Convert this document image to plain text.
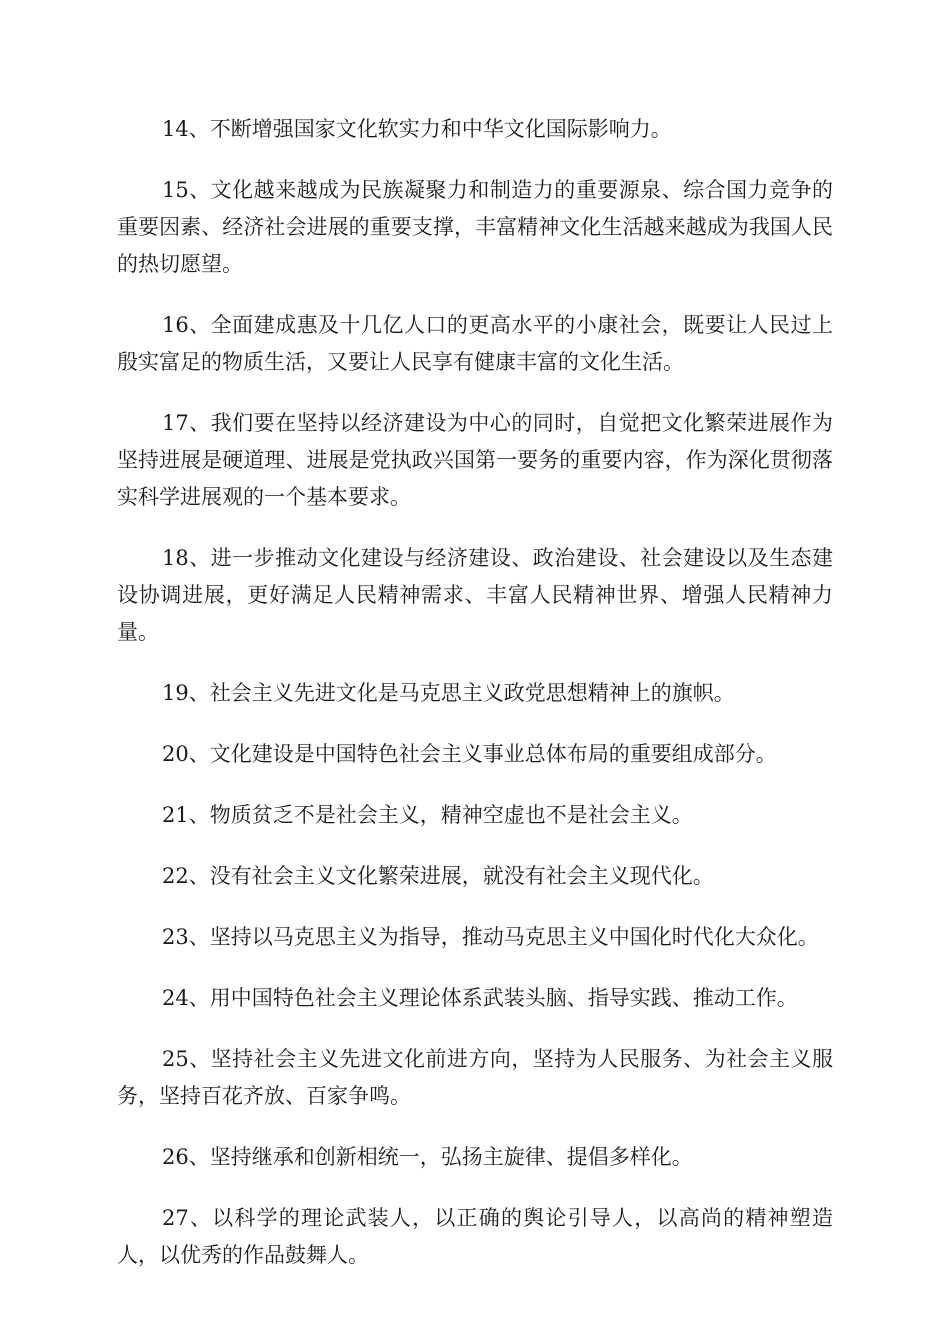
14、不断增强国家文化软实力和中华文化国际影响力。

15、文化越来越成为民族凝聚力和制造力的重要源泉、综合国力竞争的重要因素、经济社会进展的重要支撑，丰富精神文化生活越来越成为我国人民的热切愿望。

16、全面建成惠及十几亿人口的更高水平的小康社会，既要让人民过上殷实富足的物质生活，又要让人民享有健康丰富的文化生活。

17、我们要在坚持以经济建设为中心的同时，自觉把文化繁荣进展作为坚持进展是硬道理、进展是党执政兴国第一要务的重要内容，作为深化贯彻落实科学进展观的一个基本要求。

18、进一步推动文化建设与经济建设、政治建设、社会建设以及生态建设协调进展，更好满足人民精神需求、丰富人民精神世界、增强人民精神力量。

19、社会主义先进文化是马克思主义政党思想精神上的旗帜。

20、文化建设是中国特色社会主义事业总体布局的重要组成部分。

21、物质贫乏不是社会主义，精神空虚也不是社会主义。

22、没有社会主义文化繁荣进展，就没有社会主义现代化。

23、坚持以马克思主义为指导，推动马克思主义中国化时代化大众化。

24、用中国特色社会主义理论体系武装头脑、指导实践、推动工作。

25、坚持社会主义先进文化前进方向，坚持为人民服务、为社会主义服务，坚持百花齐放、百家争鸣。

26、坚持继承和创新相统一，弘扬主旋律、提倡多样化。

27、以科学的理论武装人，以正确的舆论引导人，以高尚的精神塑造人，以优秀的作品鼓舞人。
